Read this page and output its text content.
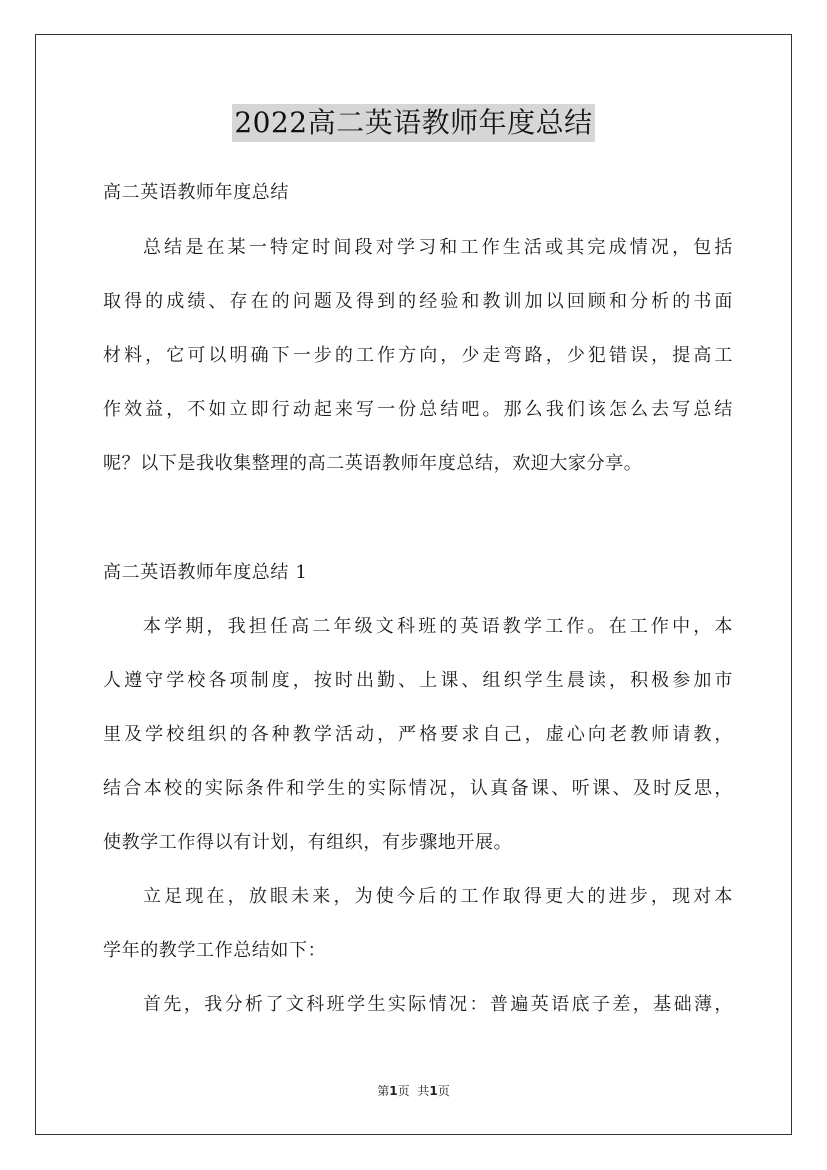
2022高二英语教师年度总结
高二英语教师年度总结
总结是在某一特定时间段对学习和工作生活或其完成情况，包括
取得的成绩、存在的问题及得到的经验和教训加以回顾和分析的书面
材料，它可以明确下一步的工作方向，少走弯路，少犯错误，提高工
作效益，不如立即行动起来写一份总结吧。那么我们该怎么去写总结
呢？以下是我收集整理的高二英语教师年度总结，欢迎大家分享。
高二英语教师年度总结 1
本学期，我担任高二年级文科班的英语教学工作。在工作中，本
人遵守学校各项制度，按时出勤、上课、组织学生晨读，积极参加市
里及学校组织的各种教学活动，严格要求自己，虚心向老教师请教，
结合本校的实际条件和学生的实际情况，认真备课、听课、及时反思，
使教学工作得以有计划，有组织，有步骤地开展。
立足现在，放眼未来，为使今后的工作取得更大的进步，现对本
学年的教学工作总结如下：
首先，我分析了文科班学生实际情况：普遍英语底子差，基础薄，
第1页 共1页
